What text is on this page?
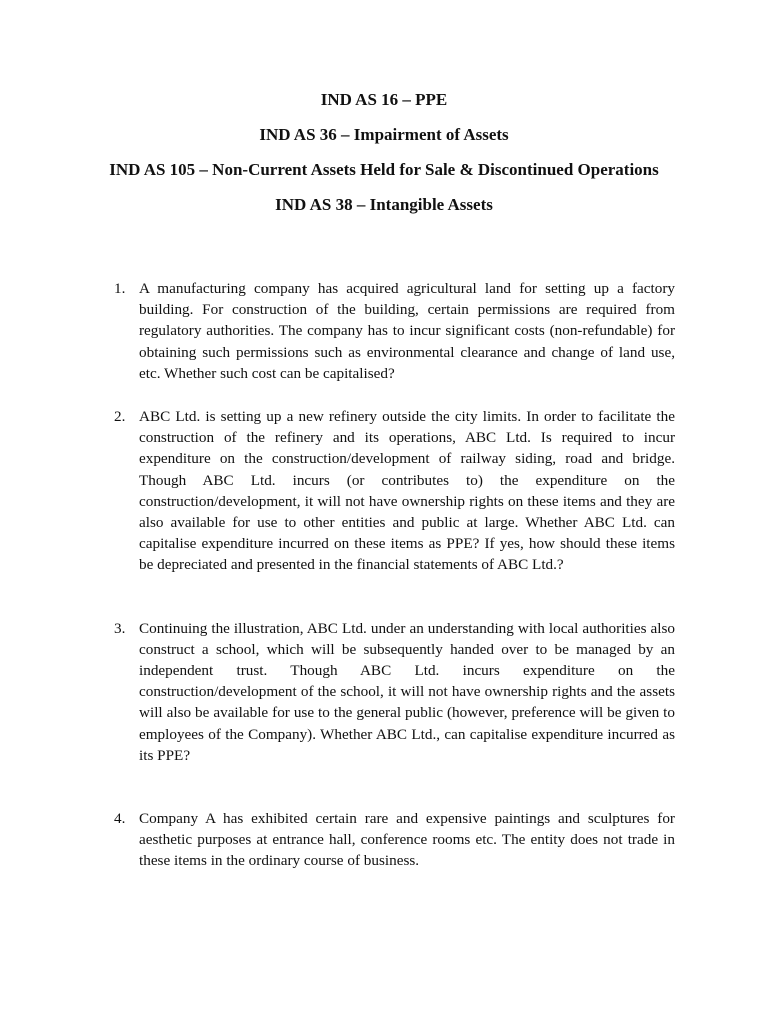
IND AS 16 – PPE
IND AS 36 – Impairment of Assets
IND AS 105 – Non-Current Assets Held for Sale & Discontinued Operations
IND AS 38 – Intangible Assets
1. A manufacturing company has acquired agricultural land for setting up a factory building. For construction of the building, certain permissions are required from regulatory authorities. The company has to incur significant costs (non-refundable) for obtaining such permissions such as environmental clearance and change of land use, etc. Whether such cost can be capitalised?
2. ABC Ltd. is setting up a new refinery outside the city limits. In order to facilitate the construction of the refinery and its operations, ABC Ltd. Is required to incur expenditure on the construction/development of railway siding, road and bridge. Though ABC Ltd. incurs (or contributes to) the expenditure on the construction/development, it will not have ownership rights on these items and they are also available for use to other entities and public at large. Whether ABC Ltd. can capitalise expenditure incurred on these items as PPE? If yes, how should these items be depreciated and presented in the financial statements of ABC Ltd.?
3. Continuing the illustration, ABC Ltd. under an understanding with local authorities also construct a school, which will be subsequently handed over to be managed by an independent trust. Though ABC Ltd. incurs expenditure on the construction/development of the school, it will not have ownership rights and the assets will also be available for use to the general public (however, preference will be given to employees of the Company). Whether ABC Ltd., can capitalise expenditure incurred as its PPE?
4. Company A has exhibited certain rare and expensive paintings and sculptures for aesthetic purposes at entrance hall, conference rooms etc. The entity does not trade in these items in the ordinary course of business.
